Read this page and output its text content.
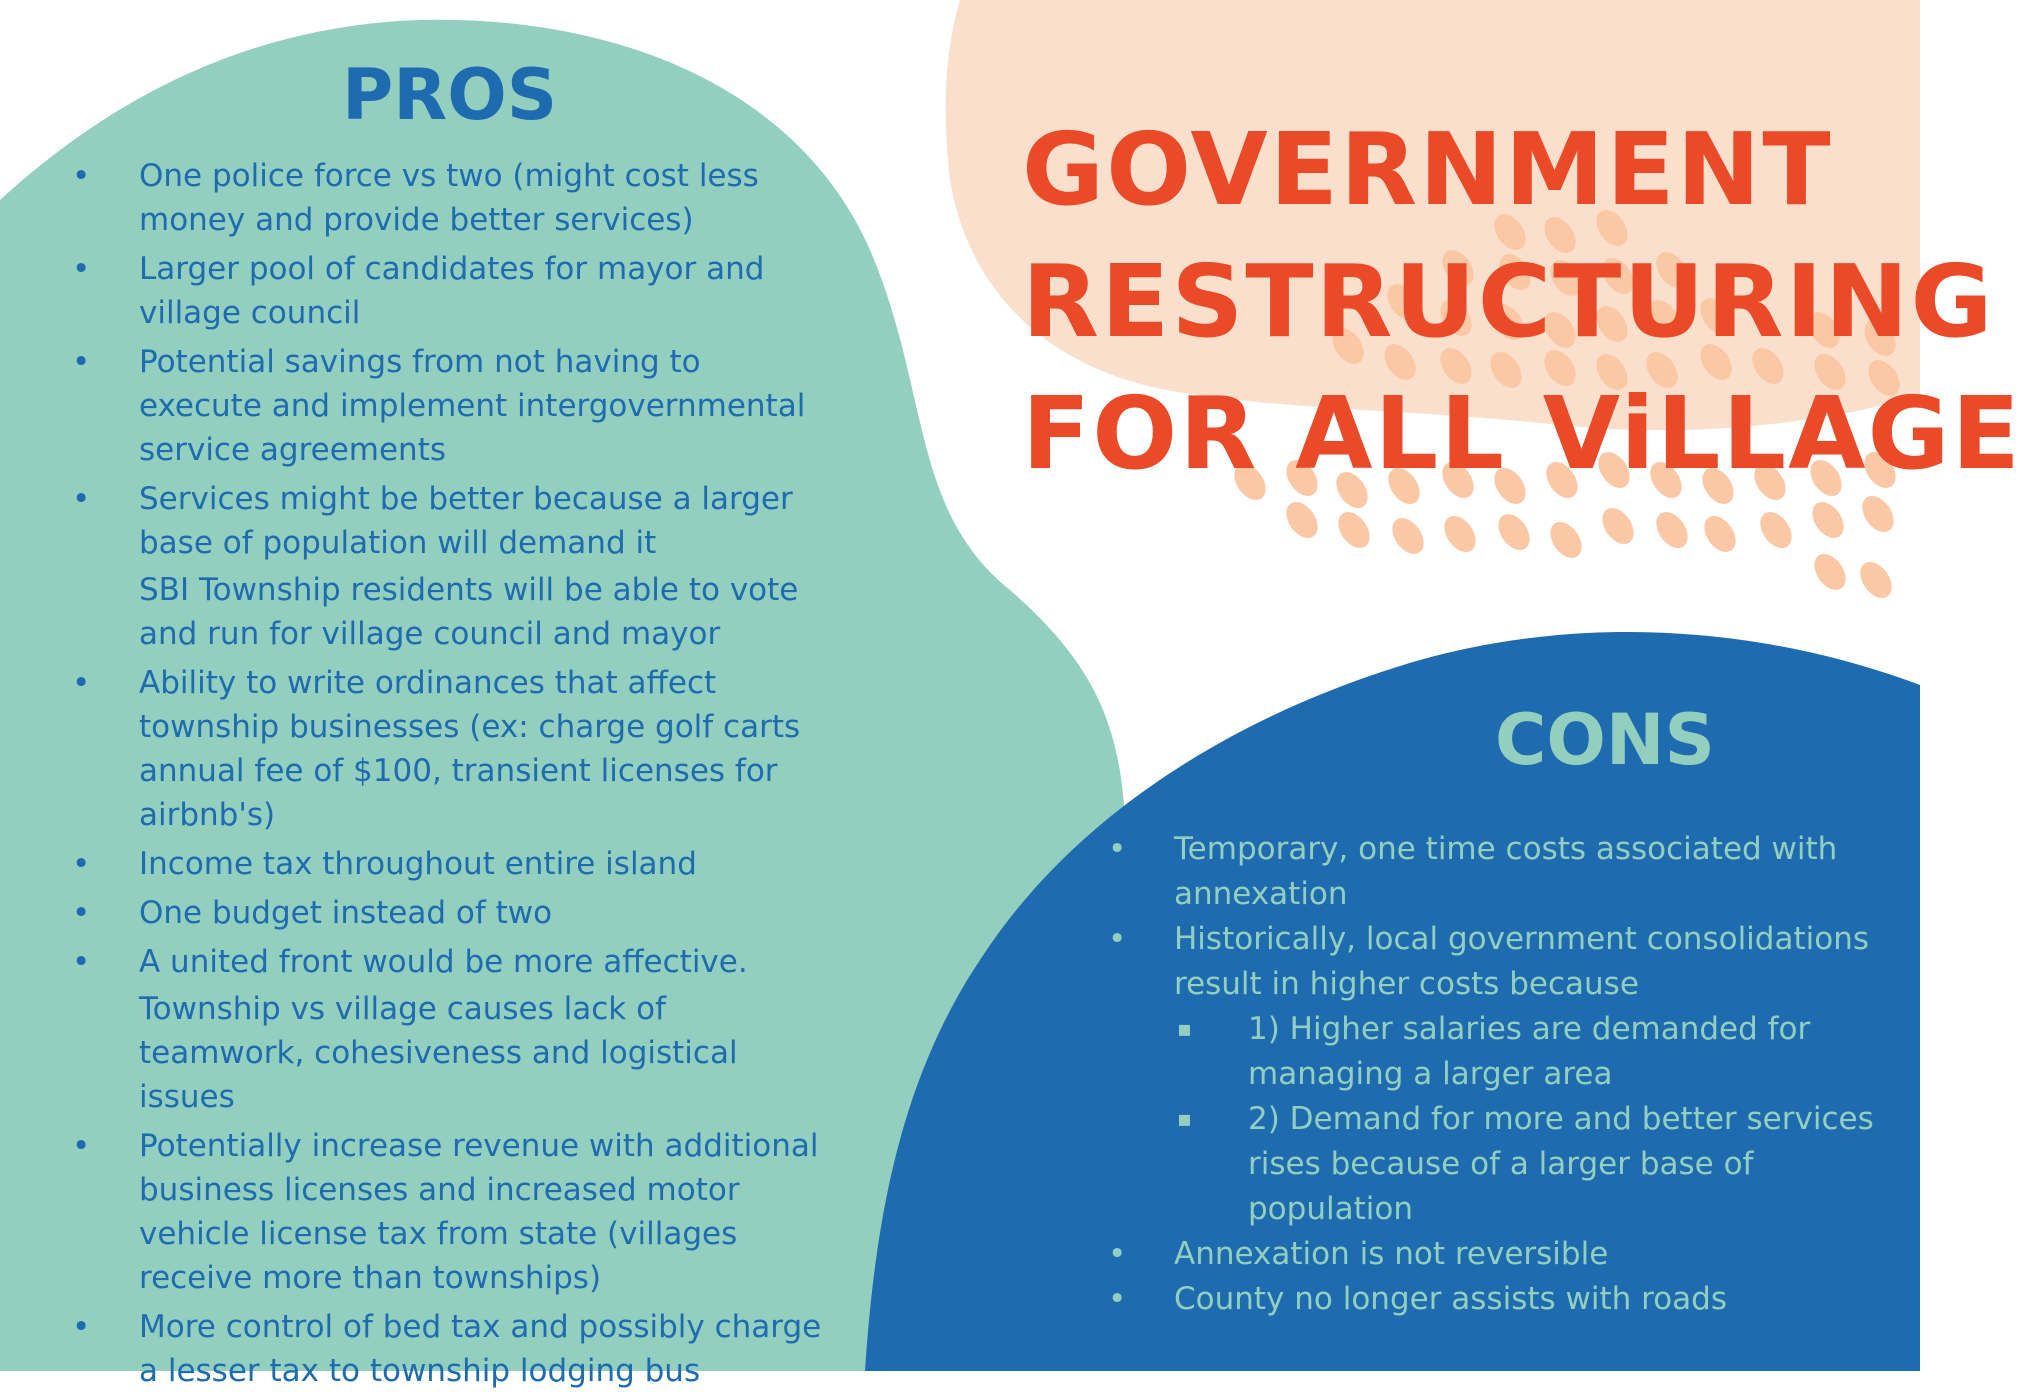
GOVERNMENT
RESTRUCTURING
FOR ALL ViLLAGE
PROS
• One police force vs two (might cost less money and provide better services)
• Larger pool of candidates for mayor and village council
• Potential savings from not having to execute and implement intergovernmental service agreements
• Services might be better because a larger base of population will demand it
SBI Township residents will be able to vote and run for village council and mayor
• Ability to write ordinances that affect township businesses (ex: charge golf carts annual fee of $100, transient licenses for airbnb's)
• Income tax throughout entire island
• One budget instead of two
• A united front would be more affective.
Township vs village causes lack of teamwork, cohesiveness and logistical issues
• Potentially increase revenue with additional business licenses and increased motor vehicle license tax from state (villages receive more than townships)
• More control of bed tax and possibly charge a lesser tax to township lodging bus
CONS
• Temporary, one time costs associated with annexation
• Historically, local government consolidations result in higher costs because
▪ 1) Higher salaries are demanded for managing a larger area
▪ 2) Demand for more and better services rises because of a larger base of population
• Annexation is not reversible
• County no longer assists with roads
